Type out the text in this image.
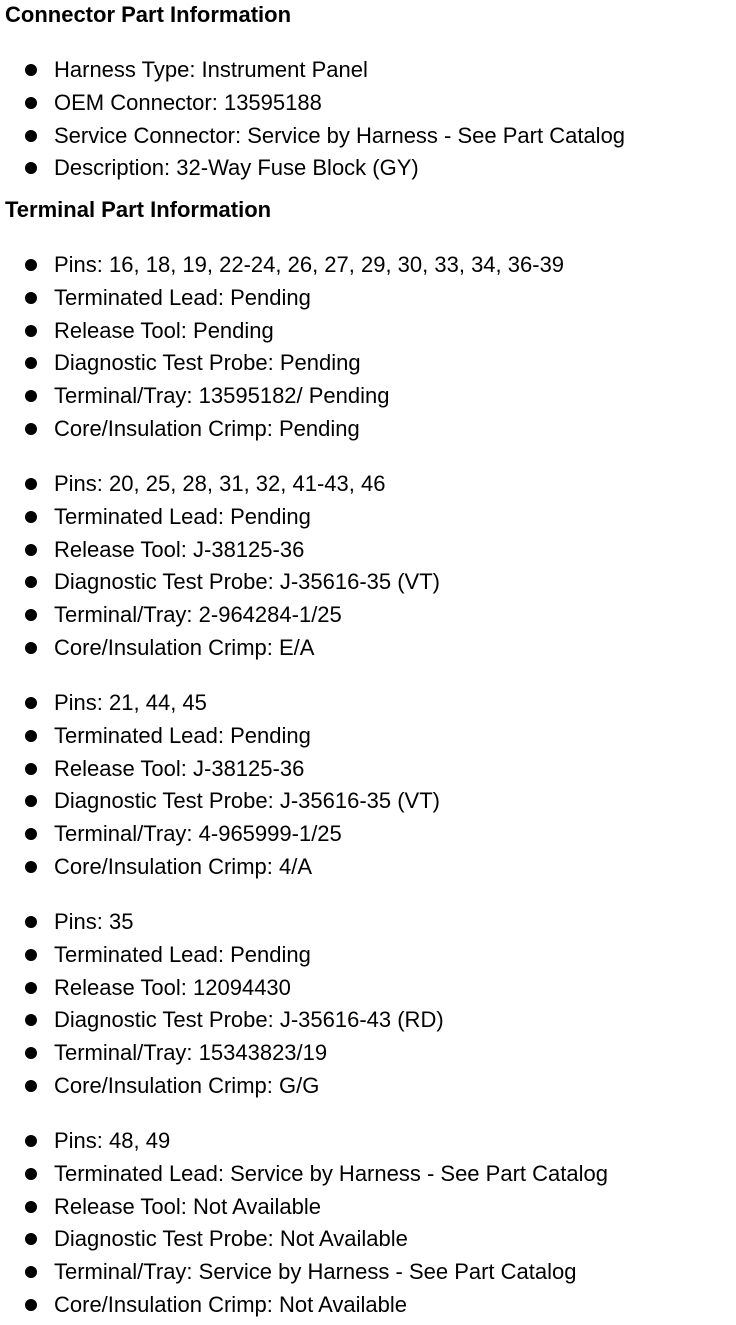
Connector Part Information
Harness Type: Instrument Panel
OEM Connector: 13595188
Service Connector: Service by Harness - See Part Catalog
Description: 32-Way Fuse Block (GY)
Terminal Part Information
Pins: 16, 18, 19, 22-24, 26, 27, 29, 30, 33, 34, 36-39
Terminated Lead: Pending
Release Tool: Pending
Diagnostic Test Probe: Pending
Terminal/Tray: 13595182/ Pending
Core/Insulation Crimp: Pending
Pins: 20, 25, 28, 31, 32, 41-43, 46
Terminated Lead: Pending
Release Tool: J-38125-36
Diagnostic Test Probe: J-35616-35 (VT)
Terminal/Tray: 2-964284-1/25
Core/Insulation Crimp: E/A
Pins: 21, 44, 45
Terminated Lead: Pending
Release Tool: J-38125-36
Diagnostic Test Probe: J-35616-35 (VT)
Terminal/Tray: 4-965999-1/25
Core/Insulation Crimp: 4/A
Pins: 35
Terminated Lead: Pending
Release Tool: 12094430
Diagnostic Test Probe: J-35616-43 (RD)
Terminal/Tray: 15343823/19
Core/Insulation Crimp: G/G
Pins: 48, 49
Terminated Lead: Service by Harness - See Part Catalog
Release Tool: Not Available
Diagnostic Test Probe: Not Available
Terminal/Tray: Service by Harness - See Part Catalog
Core/Insulation Crimp: Not Available
